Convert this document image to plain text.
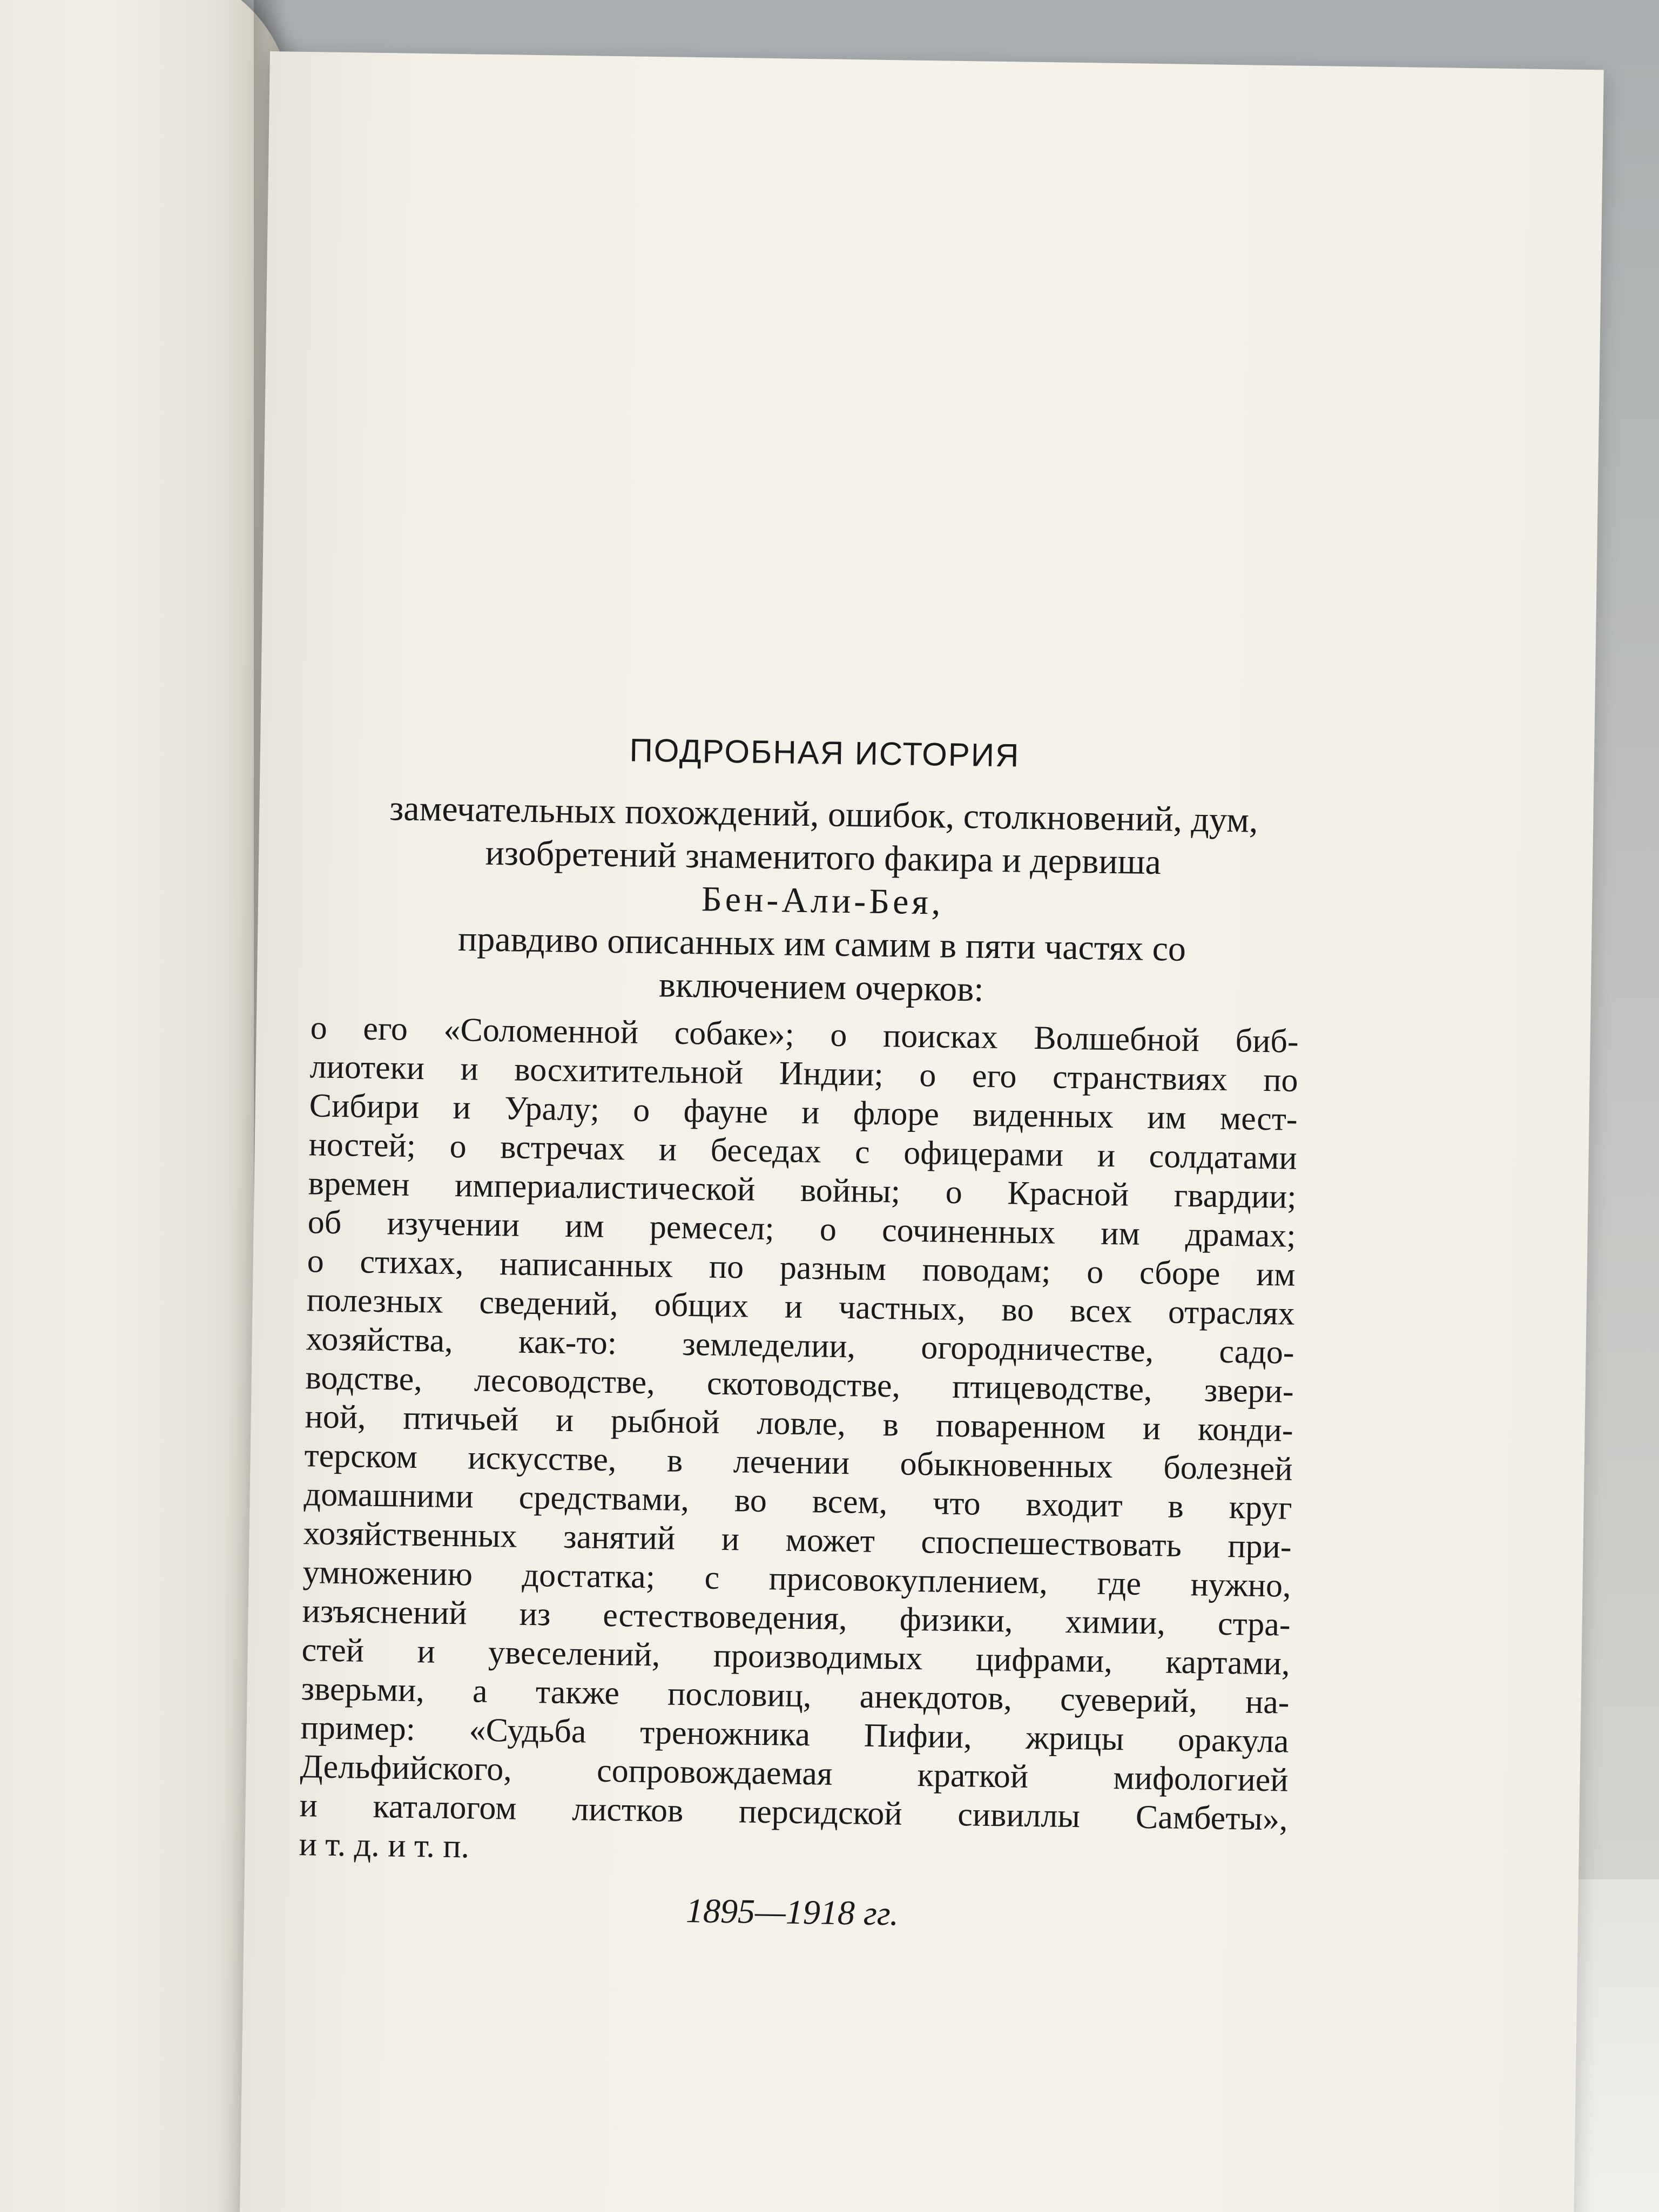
ПОДРОБНАЯ ИСТОРИЯ

замечательных похождений, ошибок, столкновений, дум,

изобретений знаменитого факира и дервиша

Бен-Али-Бея,

правдиво описанных им самим в пяти частях со

включением очерков:

о его «Соломенной собаке»; о поисках Волшебной биб-
лиотеки и восхитительной Индии; о его странствиях по
Сибири и Уралу; о фауне и флоре виденных им мест-
ностей; о встречах и беседах с офицерами и солдатами
времен империалистической войны; о Красной гвардии;
об изучении им ремесел; о сочиненных им драмах;
о стихах, написанных по разным поводам; о сборе им
полезных сведений, общих и частных, во всех отраслях
хозяйства, как-то: земледелии, огородничестве, садо-
водстве, лесоводстве, скотоводстве, птицеводстве, звери-
ной, птичьей и рыбной ловле, в поваренном и конди-
терском искусстве, в лечении обыкновенных болезней
домашними средствами, во всем, что входит в круг
хозяйственных занятий и может споспешествовать при-
умножению достатка; с присовокуплением, где нужно,
изъяснений из естествоведения, физики, химии, стра-
стей и увеселений, производимых цифрами, картами,
зверьми, а также пословиц, анекдотов, суеверий, на-
пример: «Судьба треножника Пифии, жрицы оракула
Дельфийского, сопровождаемая краткой мифологией
и каталогом листков персидской сивиллы Самбеты»,
и т. д. и т. п.
1895—1918 гг.
